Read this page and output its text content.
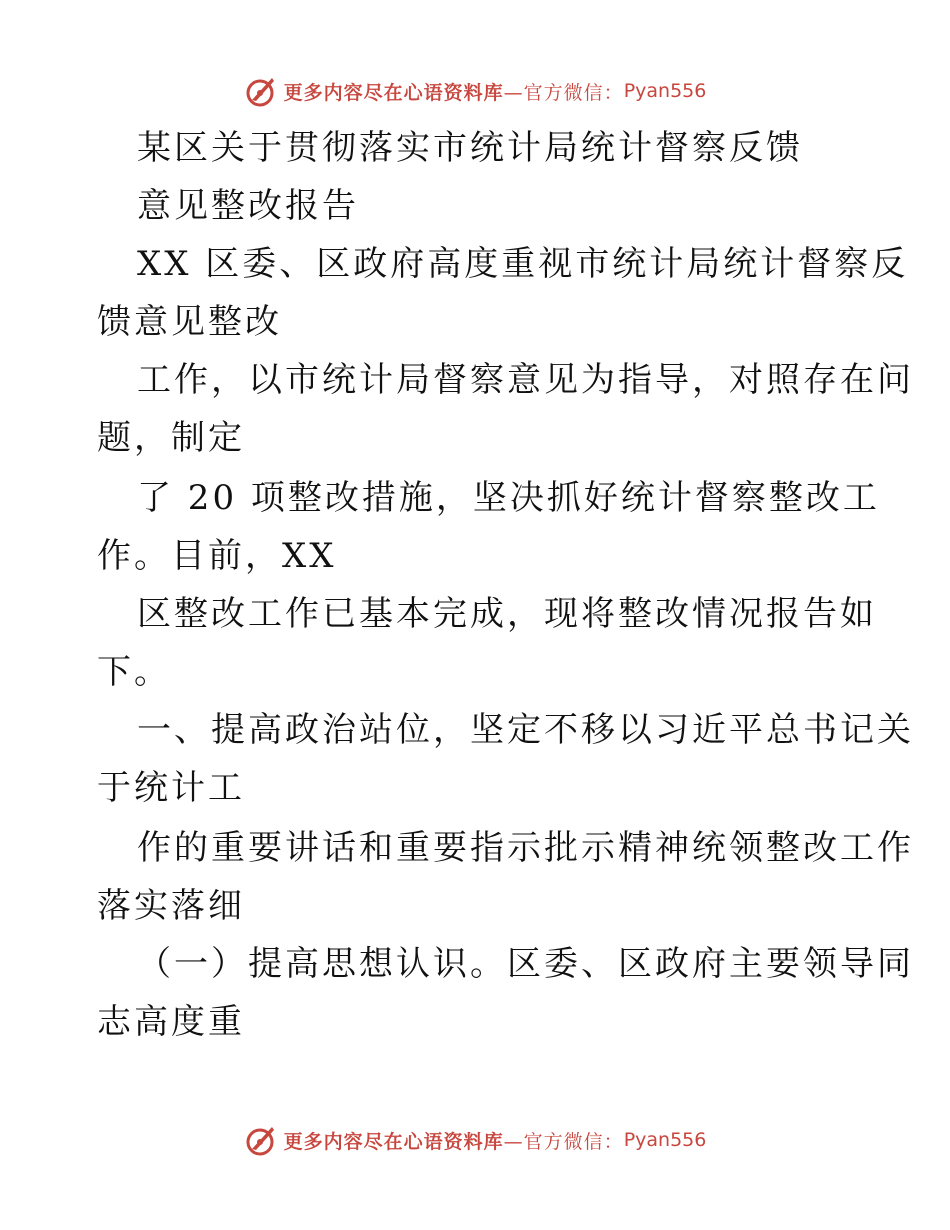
更多内容尽在心语资料库 —官方微信： Pyan556
某区关于贯彻落实市统计局统计督察反馈
意见整改报告
XX 区委、区政府高度重视市统计局统计督察反
馈意见整改
工作，以市统计局督察意见为指导，对照存在问
题，制定
了 20 项整改措施，坚决抓好统计督察整改工
作。目前，XX
区整改工作已基本完成，现将整改情况报告如
下。
一、提高政治站位，坚定不移以习近平总书记关
于统计工
作的重要讲话和重要指示批示精神统领整改工作
落实落细
（一）提高思想认识。区委、区政府主要领导同
志高度重
更多内容尽在心语资料库 —官方微信： Pyan556
